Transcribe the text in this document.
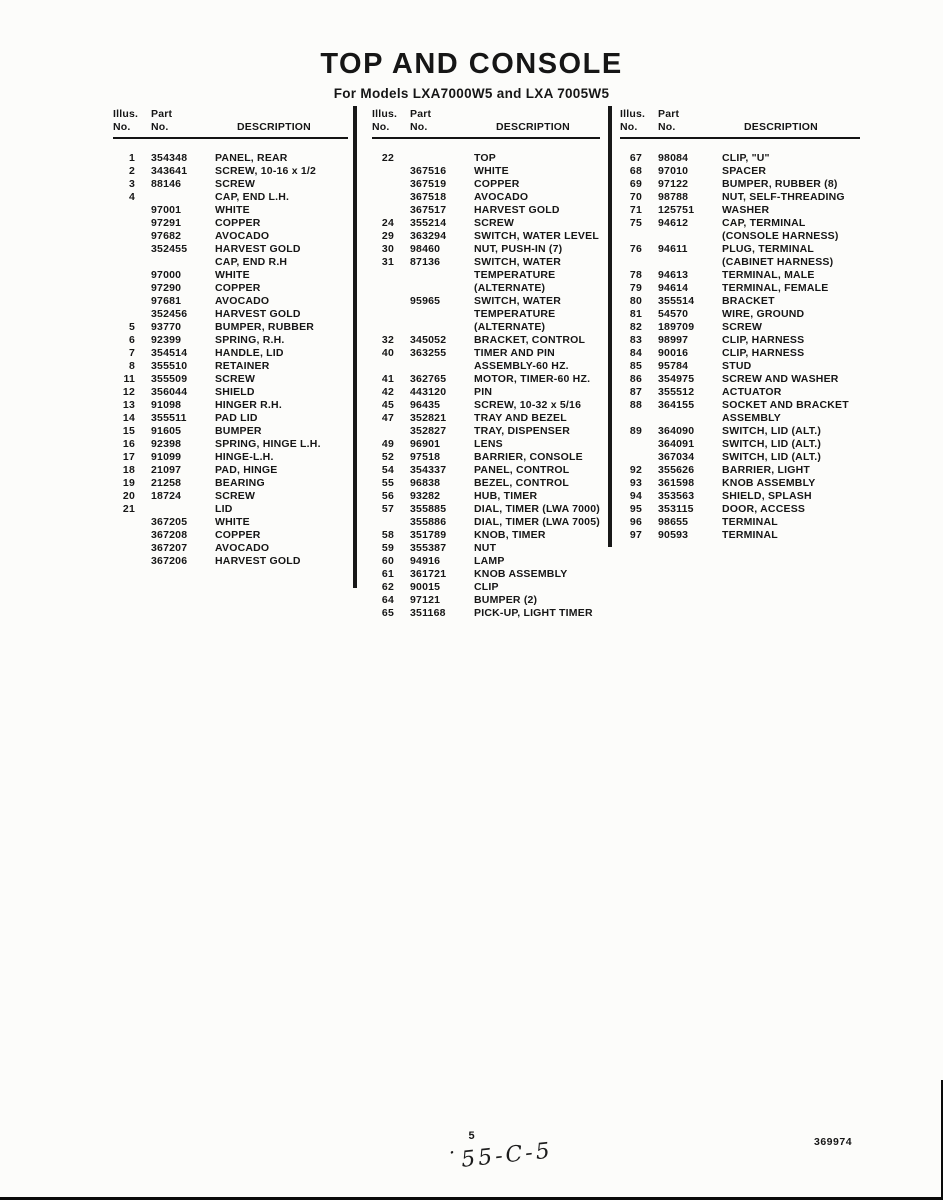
TOP AND CONSOLE
For Models LXA7000W5 and LXA 7005W5
Illus.	Part
No.	No.	DESCRIPTION
1	354348	PANEL, REAR
2	343641	SCREW, 10-16 x 1/2
3	88146	SCREW
4	CAP, END L.H.
97001	WHITE
97291	COPPER
97682	AVOCADO
352455	HARVEST GOLD
CAP, END R.H
97000	WHITE
97290	COPPER
97681	AVOCADO
352456	HARVEST GOLD
5	93770	BUMPER, RUBBER
6	92399	SPRING, R.H.
7	354514	HANDLE, LID
8	355510	RETAINER
11	355509	SCREW
12	356044	SHIELD
13	91098	HINGER R.H.
14	355511	PAD LID
15	91605	BUMPER
16	92398	SPRING, HINGE L.H.
17	91099	HINGE-L.H.
18	21097	PAD, HINGE
19	21258	BEARING
20	18724	SCREW
21	LID
367205	WHITE
367208	COPPER
367207	AVOCADO
367206	HARVEST GOLD
Illus.	Part
No.	No.	DESCRIPTION
22	TOP
367516	WHITE
367519	COPPER
367518	AVOCADO
367517	HARVEST GOLD
24	355214	SCREW
29	363294	SWITCH, WATER LEVEL
30	98460	NUT, PUSH-IN (7)
31	87136	SWITCH, WATER
TEMPERATURE
(ALTERNATE)
95965	SWITCH, WATER
TEMPERATURE
(ALTERNATE)
32	345052	BRACKET, CONTROL
40	363255	TIMER AND PIN
ASSEMBLY-60 HZ.
41	362765	MOTOR, TIMER-60 HZ.
42	443120	PIN
45	96435	SCREW, 10-32 x 5/16
47	352821	TRAY AND BEZEL
352827	TRAY, DISPENSER
49	96901	LENS
52	97518	BARRIER, CONSOLE
54	354337	PANEL, CONTROL
55	96838	BEZEL, CONTROL
56	93282	HUB, TIMER
57	355885	DIAL, TIMER (LWA 7000)
355886	DIAL, TIMER (LWA 7005)
58	351789	KNOB, TIMER
59	355387	NUT
60	94916	LAMP
61	361721	KNOB ASSEMBLY
62	90015	CLIP
64	97121	BUMPER (2)
65	351168	PICK-UP, LIGHT TIMER
Illus.	Part
No.	No.	DESCRIPTION
67	98084	CLIP, "U"
68	97010	SPACER
69	97122	BUMPER, RUBBER (8)
70	98788	NUT, SELF-THREADING
71	125751	WASHER
75	94612	CAP, TERMINAL
(CONSOLE HARNESS)
76	94611	PLUG, TERMINAL
(CABINET HARNESS)
78	94613	TERMINAL, MALE
79	94614	TERMINAL, FEMALE
80	355514	BRACKET
81	54570	WIRE, GROUND
82	189709	SCREW
83	98997	CLIP, HARNESS
84	90016	CLIP, HARNESS
85	95784	STUD
86	354975	SCREW AND WASHER
87	355512	ACTUATOR
88	364155	SOCKET AND BRACKET
ASSEMBLY
89	364090	SWITCH, LID (ALT.)
364091	SWITCH, LID (ALT.)
367034	SWITCH, LID (ALT.)
92	355626	BARRIER, LIGHT
93	361598	KNOB ASSEMBLY
94	353563	SHIELD, SPLASH
95	353115	DOOR, ACCESS
96	98655	TERMINAL
97	90593	TERMINAL
5
˙ 55-C-5	369974
